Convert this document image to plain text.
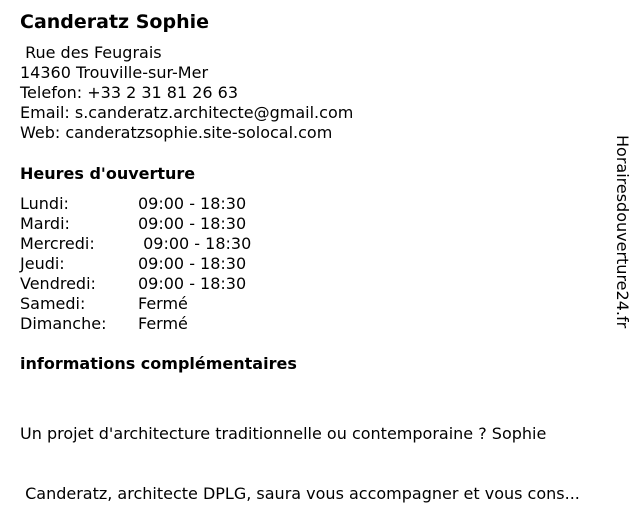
Canderatz Sophie
Rue des Feugrais
14360 Trouville-sur-Mer
Telefon: +33 2 31 81 26 63
Email: s.canderatz.architecte@gmail.com
Web: canderatzsophie.site-solocal.com
Heures d'ouverture
Lundi:	09:00 - 18:30
Mardi:	09:00 - 18:30
Mercredi:	09:00 - 18:30
Jeudi:	09:00 - 18:30
Vendredi:	09:00 - 18:30
Samedi:	Fermé
Dimanche:	Fermé
informations complémentaires

Un projet d'architecture traditionnelle ou contemporaine ? Sophie

Canderatz, architecte DPLG, saura vous accompagner et vous cons...

Horairesdouverture24.fr
